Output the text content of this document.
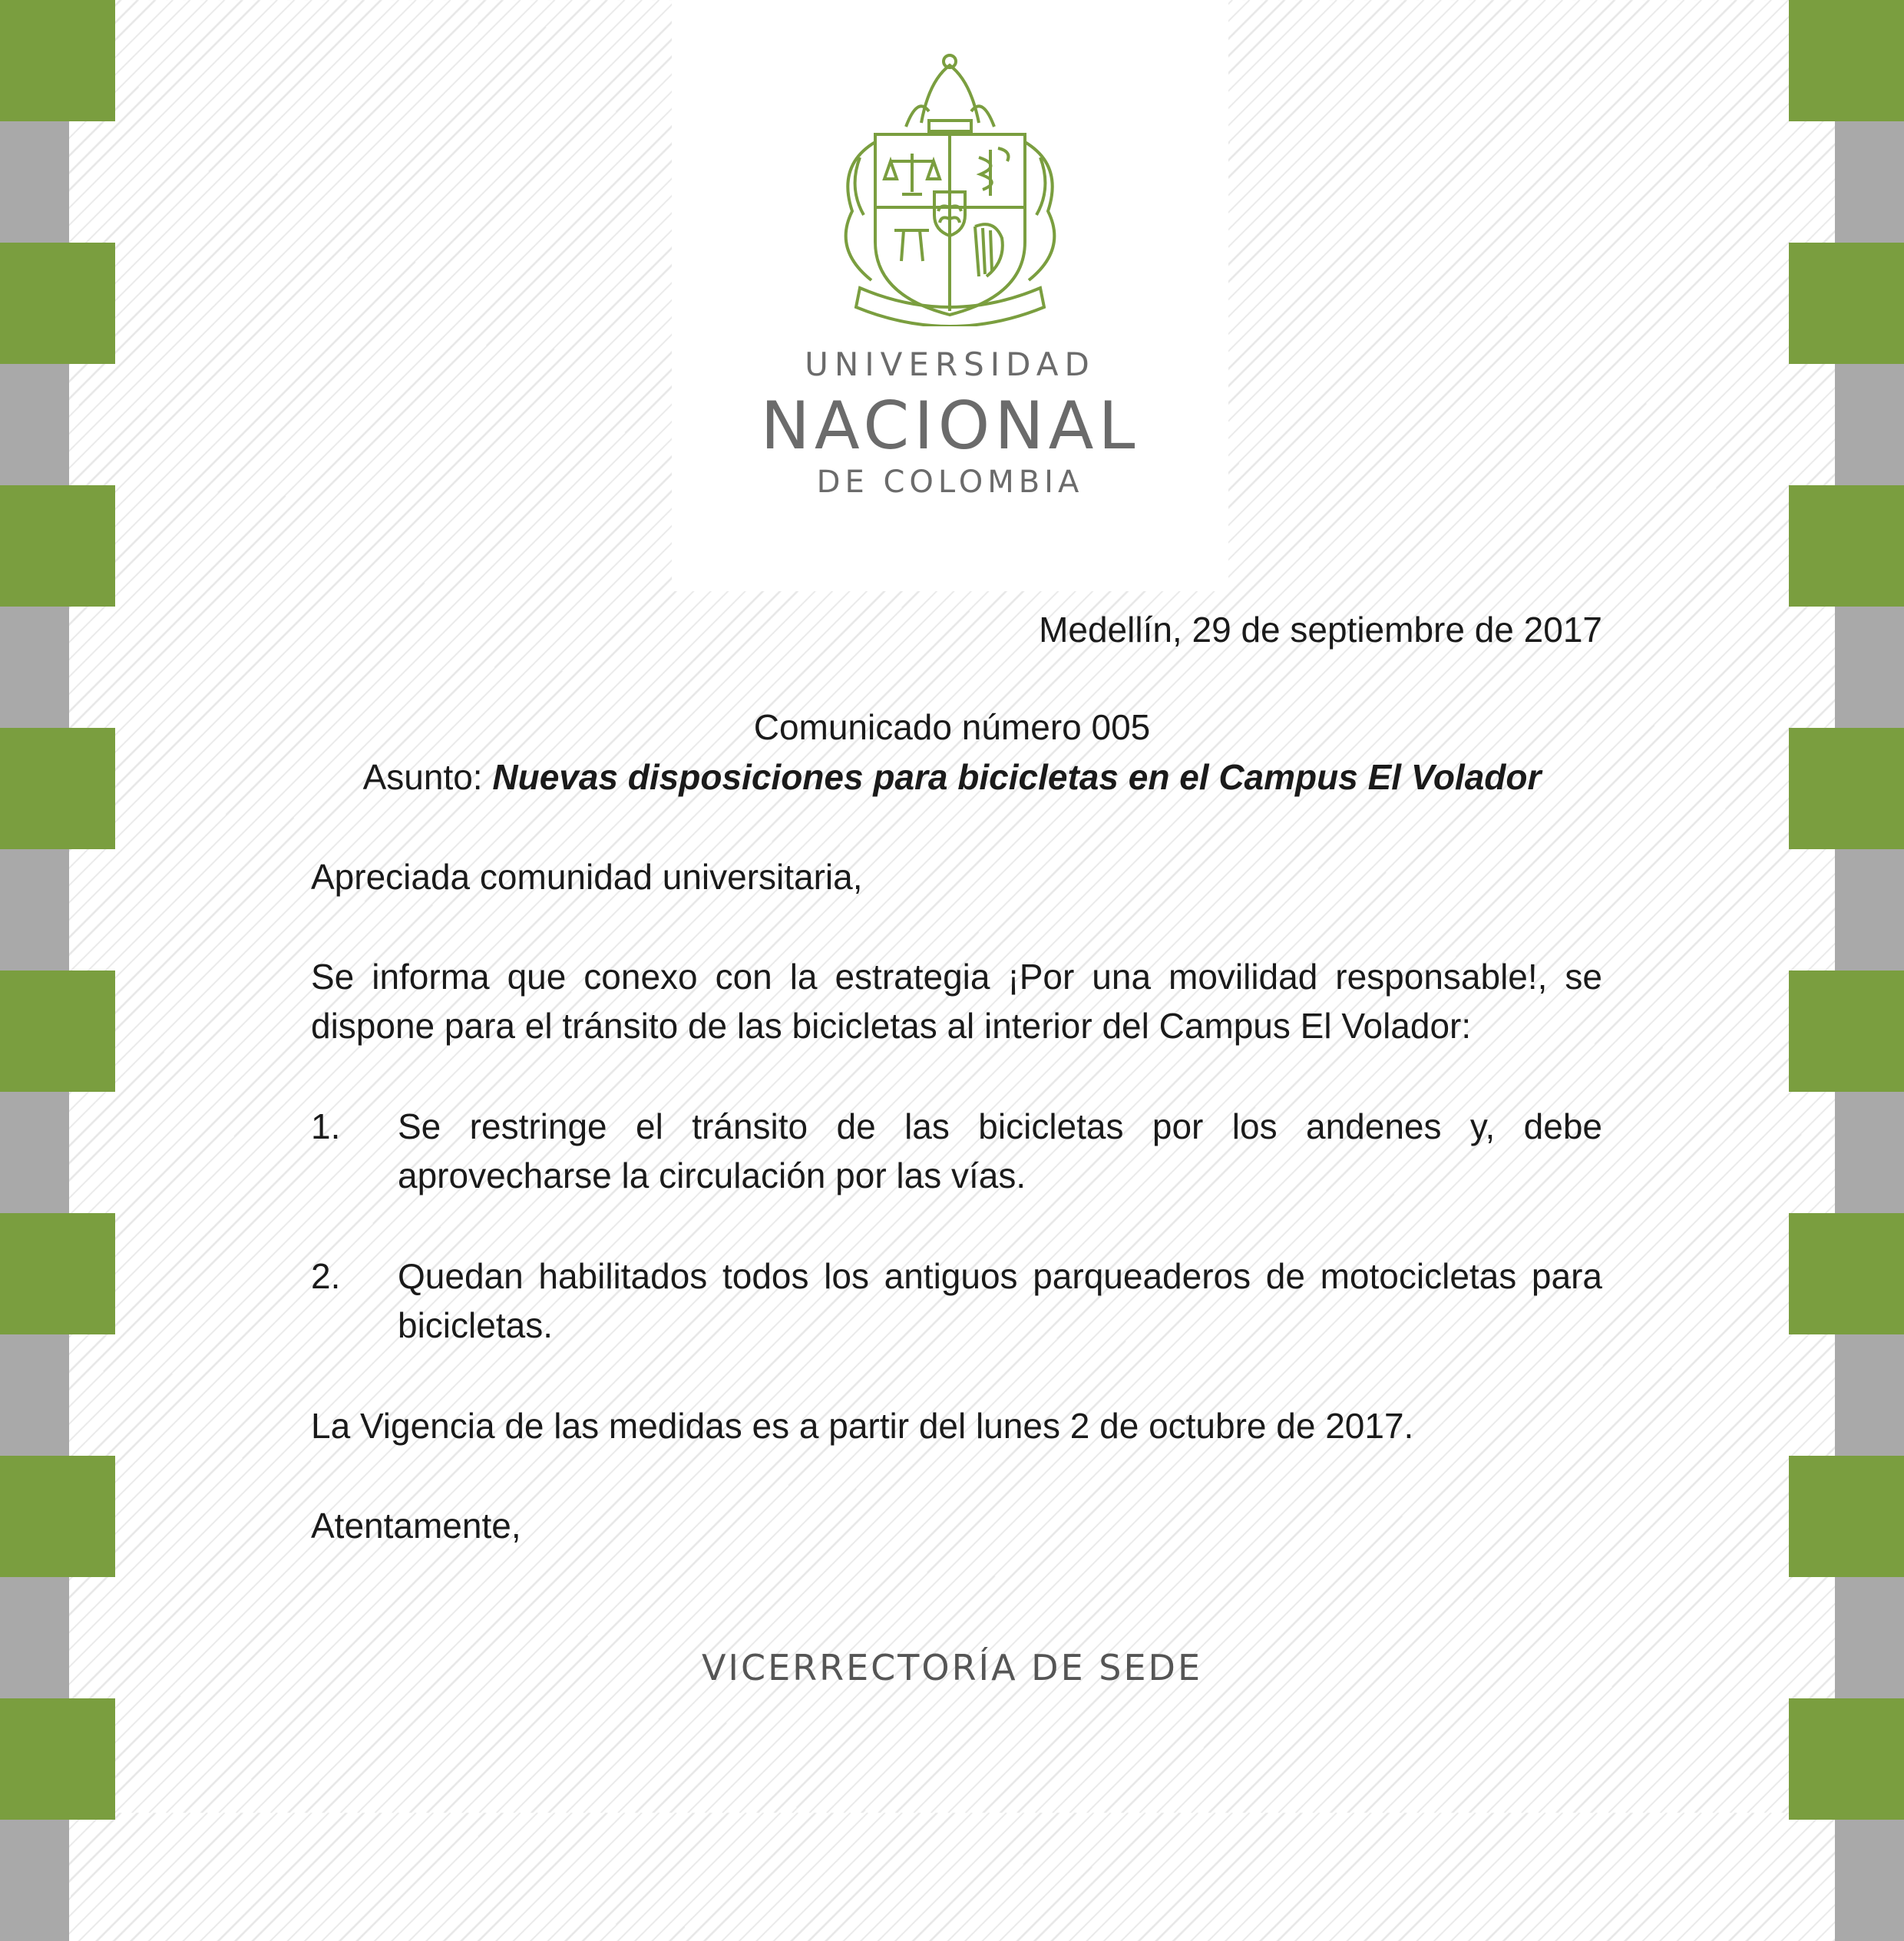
UNIVERSIDAD
NACIONAL
DE COLOMBIA
Medellín, 29 de septiembre de 2017
Comunicado número 005
Asunto: Nuevas disposiciones para bicicletas en el Campus El Volador
Apreciada comunidad universitaria,
Se informa que conexo con la estrategia ¡Por una movilidad responsable!, se dispone para el tránsito de las bicicletas al interior del Campus El Volador:
1.	Se restringe el tránsito de las bicicletas por los andenes y, debe aprovecharse la circulación por las vías.
2.	Quedan habilitados todos los antiguos parqueaderos de motocicletas para bicicletas.
La Vigencia de las medidas es a partir del lunes 2 de octubre de 2017.
Atentamente,
VICERRECTORÍA DE SEDE
